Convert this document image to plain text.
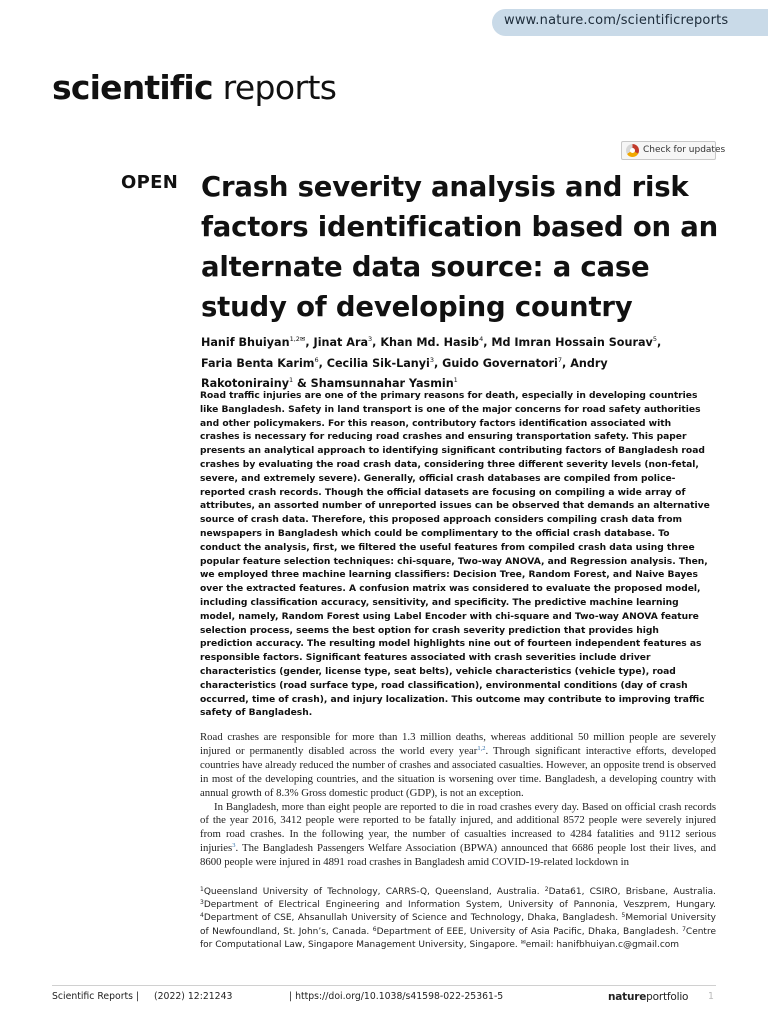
www.nature.com/scientificreports
scientific reports
Check for updates
OPEN Crash severity analysis and risk factors identification based on an alternate data source: a case study of developing country
Hanif Bhuiyan$^{1,2✉}$, Jinat Ara$^3$, Khan Md. Hasib$^4$, Md Imran Hossain Sourav$^5$, Faria Benta Karim$^6$, Cecilia Sik-Lanyi$^3$, Guido Governatori$^7$, Andry Rakotonirainy$^1$ & Shamsunnahar Yasmin$^1$

Road traffic injuries are one of the primary reasons for death, especially in developing countries like Bangladesh. Safety in land transport is one of the major concerns for road safety authorities and other policymakers. For this reason, contributory factors identification associated with crashes is necessary for reducing road crashes and ensuring transportation safety. This paper presents an analytical approach to identifying significant contributing factors of Bangladesh road crashes by evaluating the road crash data, considering three different severity levels (non-fetal, severe, and extremely severe). Generally, official crash databases are compiled from police-reported crash records. Though the official datasets are focusing on compiling a wide array of attributes, an assorted number of unreported issues can be observed that demands an alternative source of crash data. Therefore, this proposed approach considers compiling crash data from newspapers in Bangladesh which could be complimentary to the official crash database. To conduct the analysis, first, we filtered the useful features from compiled crash data using three popular feature selection techniques: chi-square, Two-way ANOVA, and Regression analysis. Then, we employed three machine learning classifiers: Decision Tree, Random Forest, and Naive Bayes over the extracted features. A confusion matrix was considered to evaluate the proposed model, including classification accuracy, sensitivity, and specificity. The predictive machine learning model, namely, Random Forest using Label Encoder with chi-square and Two-way ANOVA feature selection process, seems the best option for crash severity prediction that provides high prediction accuracy. The resulting model highlights nine out of fourteen independent features as responsible factors. Significant features associated with crash severities include driver characteristics (gender, license type, seat belts), vehicle characteristics (vehicle type), road characteristics (road surface type, road classification), environmental conditions (day of crash occurred, time of crash), and injury localization. This outcome may contribute to improving traffic safety of Bangladesh.

Road crashes are responsible for more than 1.3 million deaths, whereas additional 50 million people are severely injured or permanently disabled across the world every year$^{1,2}$. Through significant interactive efforts, developed countries have already reduced the number of crashes and associated casualties. However, an opposite trend is observed in most of the developing countries, and the situation is worsening over time. Bangladesh, a developing country with annual growth of 8.3% Gross domestic product (GDP), is not an exception.

In Bangladesh, more than eight people are reported to die in road crashes every day. Based on official crash records of the year 2016, 3412 people were reported to be fatally injured, and additional 8572 people were severely injured from road crashes. In the following year, the number of casualties increased to 4284 fatalities and 9112 serious injuries$^3$. The Bangladesh Passengers Welfare Association (BPWA) announced that 6686 people lost their lives, and 8600 people were injured in 4891 road crashes in Bangladesh amid COVID-19-related lockdown in

$^1$Queensland University of Technology, CARRS-Q, Queensland, Australia. $^2$Data61, CSIRO, Brisbane, Australia. $^3$Department of Electrical Engineering and Information System, University of Pannonia, Veszprem, Hungary. $^4$Department of CSE, Ahsanullah University of Science and Technology, Dhaka, Bangladesh. $^5$Memorial University of Newfoundland, St. John’s, Canada. $^6$Department of EEE, University of Asia Pacific, Dhaka, Bangladesh. $^7$Centre for Computational Law, Singapore Management University, Singapore. ✉email: hanifbhuiyan.c@gmail.com
Scientific Reports | (2022) 12:21243	| https://doi.org/10.1038/s41598-022-25361-5	natureportfolio 1
